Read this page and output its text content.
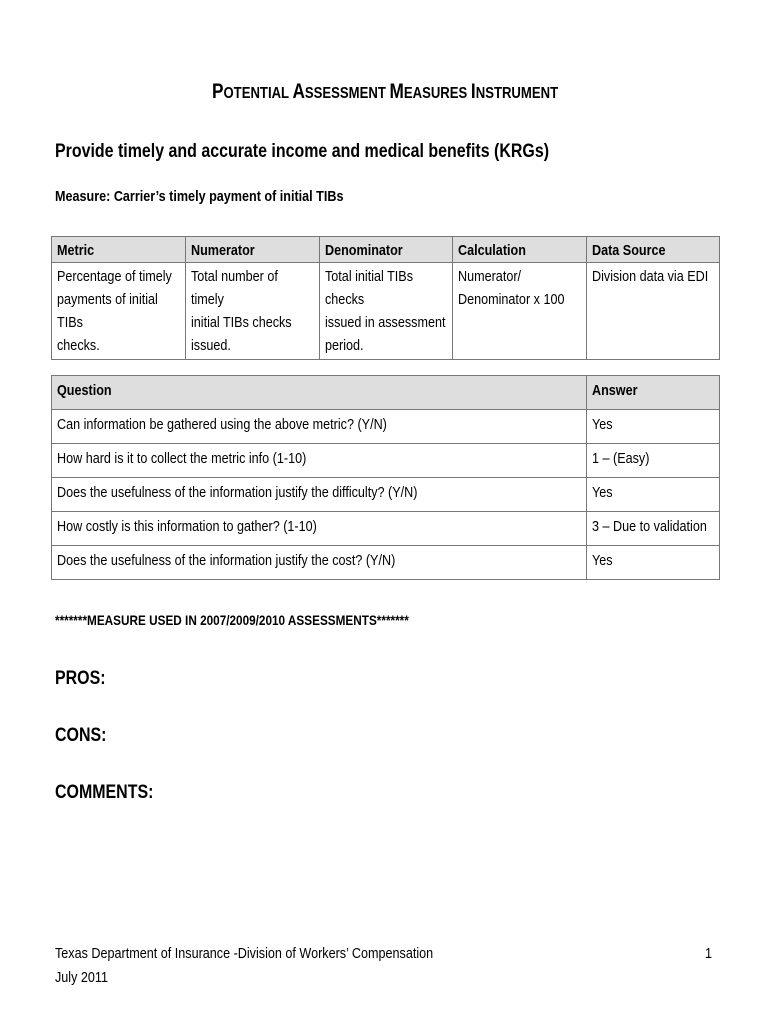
POTENTIAL ASSESSMENT MEASURES INSTRUMENT
Provide timely and accurate income and medical benefits (KRGs)
Measure: Carrier’s timely payment of initial TIBs
Metric	Numerator	Denominator	Calculation	Data Source

Percentage of timely
payments of initial TIBs
checks.	Total number of timely
initial TIBs checks
issued.	Total initial TIBs checks
issued in assessment
period.	Numerator/
Denominator x 100	Division data via EDI
Question	Answer

Can information be gathered using the above metric? (Y/N)	Yes

How hard is it to collect the metric info (1-10)	1 – (Easy)

Does the usefulness of the information justify the difficulty? (Y/N)	Yes

How costly is this information to gather? (1-10)	3 – Due to validation

Does the usefulness of the information justify the cost? (Y/N)	Yes
*******MEASURE USED IN 2007/2009/2010 ASSESSMENTS*******
PROS:
CONS:
COMMENTS:
Texas Department of Insurance -Division of Workers’ Compensation
July 2011
1
